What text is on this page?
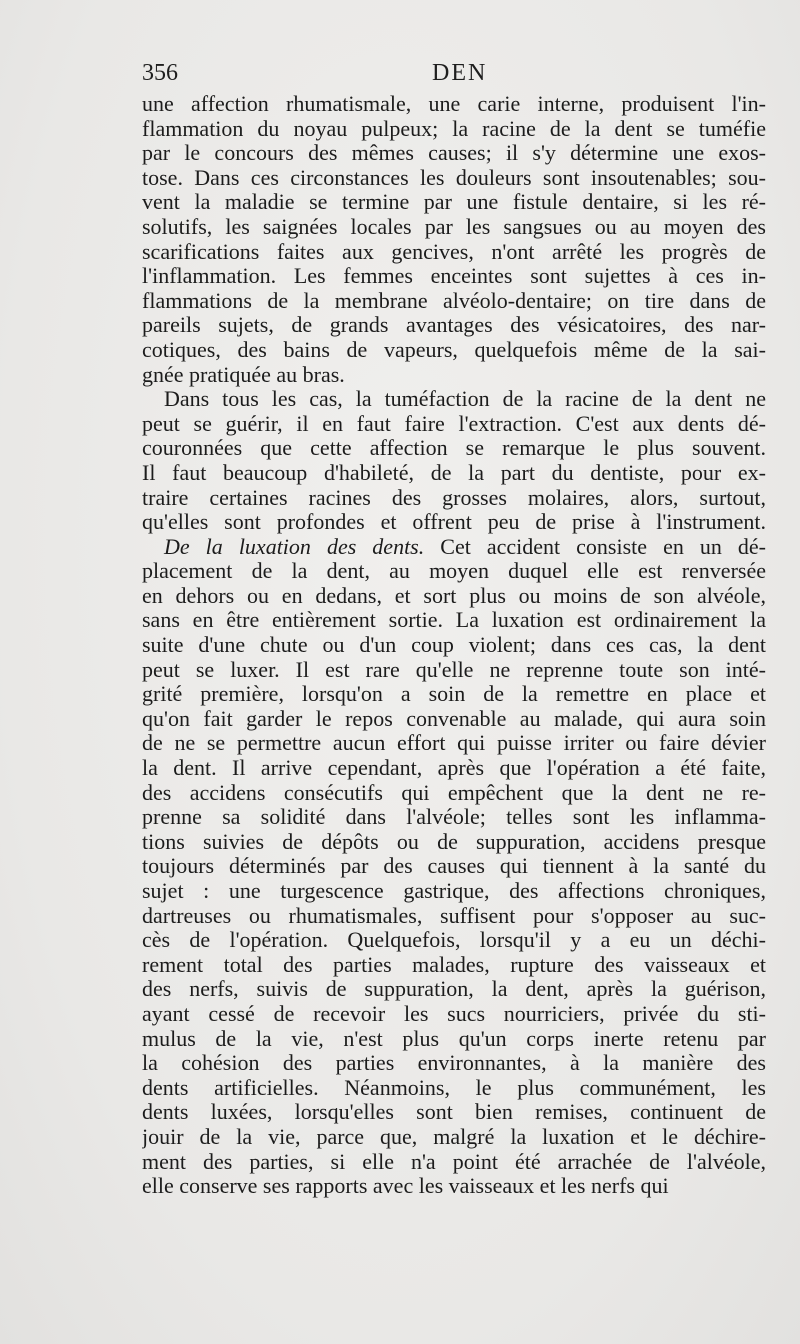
356	DEN
une affection rhumatismale, une carie interne, produisent l'in-
flammation du noyau pulpeux; la racine de la dent se tuméfie
par le concours des mêmes causes; il s'y détermine une exos-
tose. Dans ces circonstances les douleurs sont insoutenables; sou-
vent la maladie se termine par une fistule dentaire, si les ré-
solutifs, les saignées locales par les sangsues ou au moyen des
scarifications faites aux gencives, n'ont arrêté les progrès de
l'inflammation. Les femmes enceintes sont sujettes à ces in-
flammations de la membrane alvéolo-dentaire; on tire dans de
pareils sujets, de grands avantages des vésicatoires, des nar-
cotiques, des bains de vapeurs, quelquefois même de la sai-
gnée pratiquée au bras.
Dans tous les cas, la tuméfaction de la racine de la dent ne
peut se guérir, il en faut faire l'extraction. C'est aux dents dé-
couronnées que cette affection se remarque le plus souvent.
Il faut beaucoup d'habileté, de la part du dentiste, pour ex-
traire certaines racines des grosses molaires, alors, surtout,
qu'elles sont profondes et offrent peu de prise à l'instrument.
De la luxation des dents. Cet accident consiste en un dé-
placement de la dent, au moyen duquel elle est renversée
en dehors ou en dedans, et sort plus ou moins de son alvéole,
sans en être entièrement sortie. La luxation est ordinairement la
suite d'une chute ou d'un coup violent; dans ces cas, la dent
peut se luxer. Il est rare qu'elle ne reprenne toute son inté-
grité première, lorsqu'on a soin de la remettre en place et
qu'on fait garder le repos convenable au malade, qui aura soin
de ne se permettre aucun effort qui puisse irriter ou faire dévier
la dent. Il arrive cependant, après que l'opération a été faite,
des accidens consécutifs qui empêchent que la dent ne re-
prenne sa solidité dans l'alvéole; telles sont les inflamma-
tions suivies de dépôts ou de suppuration, accidens presque
toujours déterminés par des causes qui tiennent à la santé du
sujet : une turgescence gastrique, des affections chroniques,
dartreuses ou rhumatismales, suffisent pour s'opposer au suc-
cès de l'opération. Quelquefois, lorsqu'il y a eu un déchi-
rement total des parties malades, rupture des vaisseaux et
des nerfs, suivis de suppuration, la dent, après la guérison,
ayant cessé de recevoir les sucs nourriciers, privée du sti-
mulus de la vie, n'est plus qu'un corps inerte retenu par
la cohésion des parties environnantes, à la manière des
dents artificielles. Néanmoins, le plus communément, les
dents luxées, lorsqu'elles sont bien remises, continuent de
jouir de la vie, parce que, malgré la luxation et le déchire-
ment des parties, si elle n'a point été arrachée de l'alvéole,
elle conserve ses rapports avec les vaisseaux et les nerfs qui
